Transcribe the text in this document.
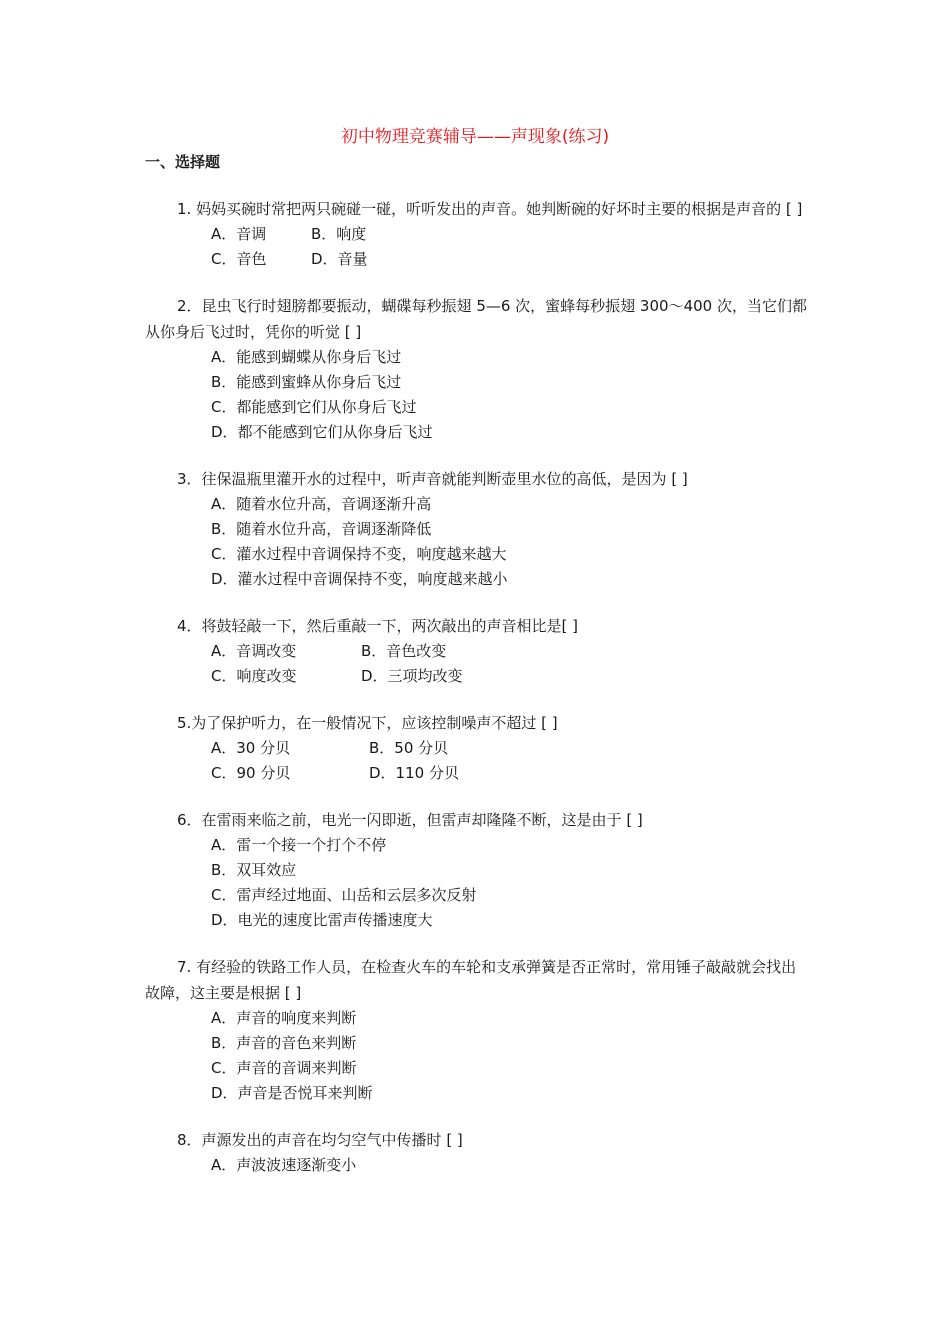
初中物理竞赛辅导——声现象(练习)
一、选择题

1. 妈妈买碗时常把两只碗碰一碰，听听发出的声音。她判断碗的好坏时主要的根据是声音的 [ ]

A．音调	B．响度
C．音色	D．音量

2．昆虫飞行时翅膀都要振动，蝴碟每秒振翅 5—6 次，蜜蜂每秒振翅 300～400 次，当它们都从你身后飞过时，凭你的听觉 [ ]

A．能感到蝴蝶从你身后飞过
B．能感到蜜蜂从你身后飞过
C．都能感到它们从你身后飞过
D．都不能感到它们从你身后飞过

3．往保温瓶里灌开水的过程中，听声音就能判断壶里水位的高低，是因为 [ ]

A．随着水位升高，音调逐渐升高
B．随着水位升高，音调逐渐降低
C．灌水过程中音调保持不变，响度越来越大
D．灌水过程中音调保持不变，响度越来越小

4．将鼓轻敲一下，然后重敲一下，两次敲出的声音相比是[ ]

A．音调改变	B．音色改变
C．响度改变	D．三项均改变

5.为了保护听力，在一般情况下，应该控制噪声不超过 [ ]

A．30 分贝	B．50 分贝
C．90 分贝	D．110 分贝

6．在雷雨来临之前，电光一闪即逝，但雷声却隆隆不断，这是由于 [ ]

A．雷一个接一个打个不停
B．双耳效应
C．雷声经过地面、山岳和云层多次反射
D．电光的速度比雷声传播速度大

7. 有经验的铁路工作人员，在检查火车的车轮和支承弹簧是否正常时，常用锤子敲敲就会找出故障，这主要是根据 [ ]

A．声音的响度来判断
B．声音的音色来判断
C．声音的音调来判断
D．声音是否悦耳来判断

8．声源发出的声音在均匀空气中传播时 [ ]

A．声波波速逐渐变小
